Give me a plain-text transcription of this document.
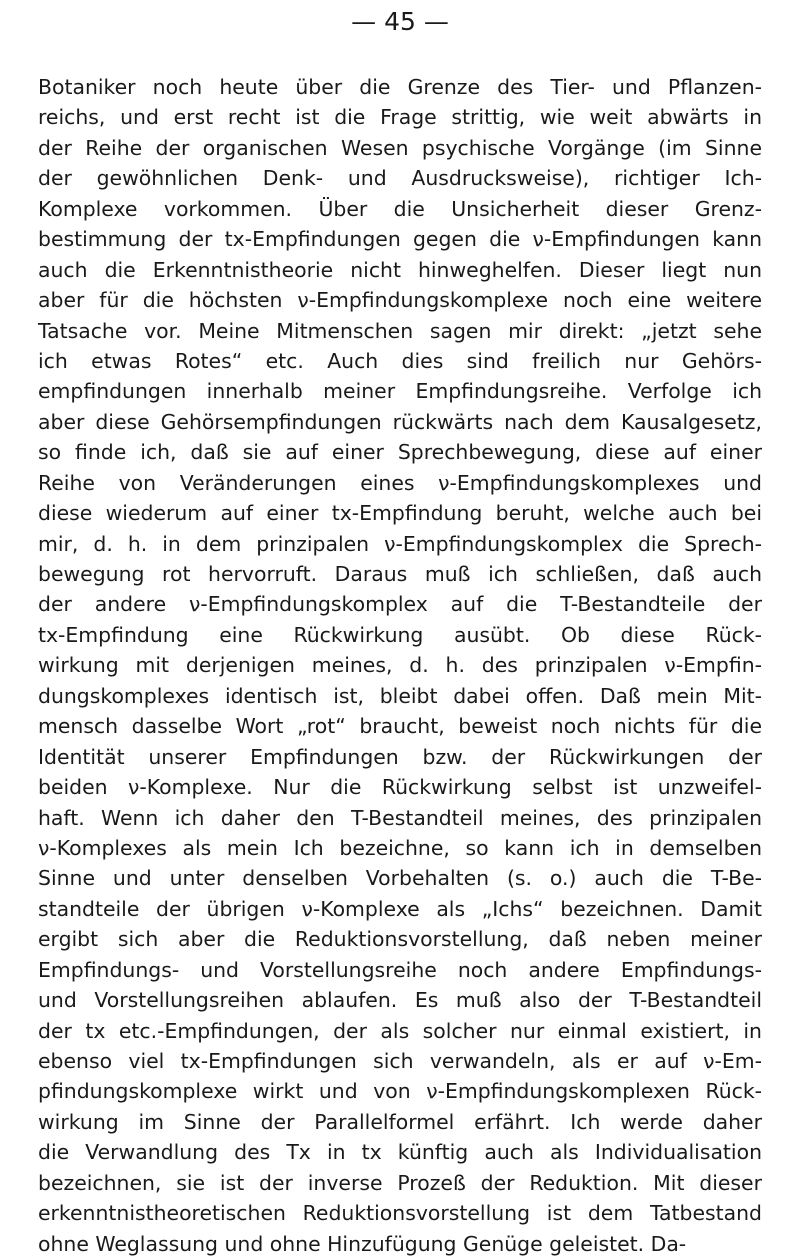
— 45 —
Botaniker noch heute über die Grenze des Tier- und Pflanzen-
reichs, und erst recht ist die Frage strittig, wie weit abwärts in
der Reihe der organischen Wesen psychische Vorgänge (im Sinne
der gewöhnlichen Denk- und Ausdrucksweise), richtiger Ich-
Komplexe vorkommen. Über die Unsicherheit dieser Grenz-
bestimmung der tx-Empfindungen gegen die ν-Empfindungen kann
auch die Erkenntnistheorie nicht hinweghelfen. Dieser liegt nun
aber für die höchsten ν-Empfindungskomplexe noch eine weitere
Tatsache vor. Meine Mitmenschen sagen mir direkt: „jetzt sehe
ich etwas Rotes“ etc. Auch dies sind freilich nur Gehörs-
empfindungen innerhalb meiner Empfindungsreihe. Verfolge ich
aber diese Gehörsempfindungen rückwärts nach dem Kausalgesetz,
so finde ich, daß sie auf einer Sprechbewegung, diese auf einer
Reihe von Veränderungen eines ν-Empfindungskomplexes und
diese wiederum auf einer tx-Empfindung beruht, welche auch bei
mir, d. h. in dem prinzipalen ν-Empfindungskomplex die Sprech-
bewegung rot hervorruft. Daraus muß ich schließen, daß auch
der andere ν-Empfindungskomplex auf die T-Bestandteile der
tx-Empfindung eine Rückwirkung ausübt. Ob diese Rück-
wirkung mit derjenigen meines, d. h. des prinzipalen ν-Empfin-
dungskomplexes identisch ist, bleibt dabei offen. Daß mein Mit-
mensch dasselbe Wort „rot“ braucht, beweist noch nichts für die
Identität unserer Empfindungen bzw. der Rückwirkungen der
beiden ν-Komplexe. Nur die Rückwirkung selbst ist unzweifel-
haft. Wenn ich daher den T-Bestandteil meines, des prinzipalen
ν-Komplexes als mein Ich bezeichne, so kann ich in demselben
Sinne und unter denselben Vorbehalten (s. o.) auch die T-Be-
standteile der übrigen ν-Komplexe als „Ichs“ bezeichnen. Damit
ergibt sich aber die Reduktionsvorstellung, daß neben meiner
Empfindungs- und Vorstellungsreihe noch andere Empfindungs-
und Vorstellungsreihen ablaufen. Es muß also der T-Bestandteil
der tx etc.-Empfindungen, der als solcher nur einmal existiert, in
ebenso viel tx-Empfindungen sich verwandeln, als er auf ν-Em-
pfindungskomplexe wirkt und von ν-Empfindungskomplexen Rück-
wirkung im Sinne der Parallelformel erfährt. Ich werde daher
die Verwandlung des Tx in tx künftig auch als Individualisation
bezeichnen, sie ist der inverse Prozeß der Reduktion. Mit dieser
erkenntnistheoretischen Reduktionsvorstellung ist dem Tatbestand
ohne Weglassung und ohne Hinzufügung Genüge geleistet. Da-
